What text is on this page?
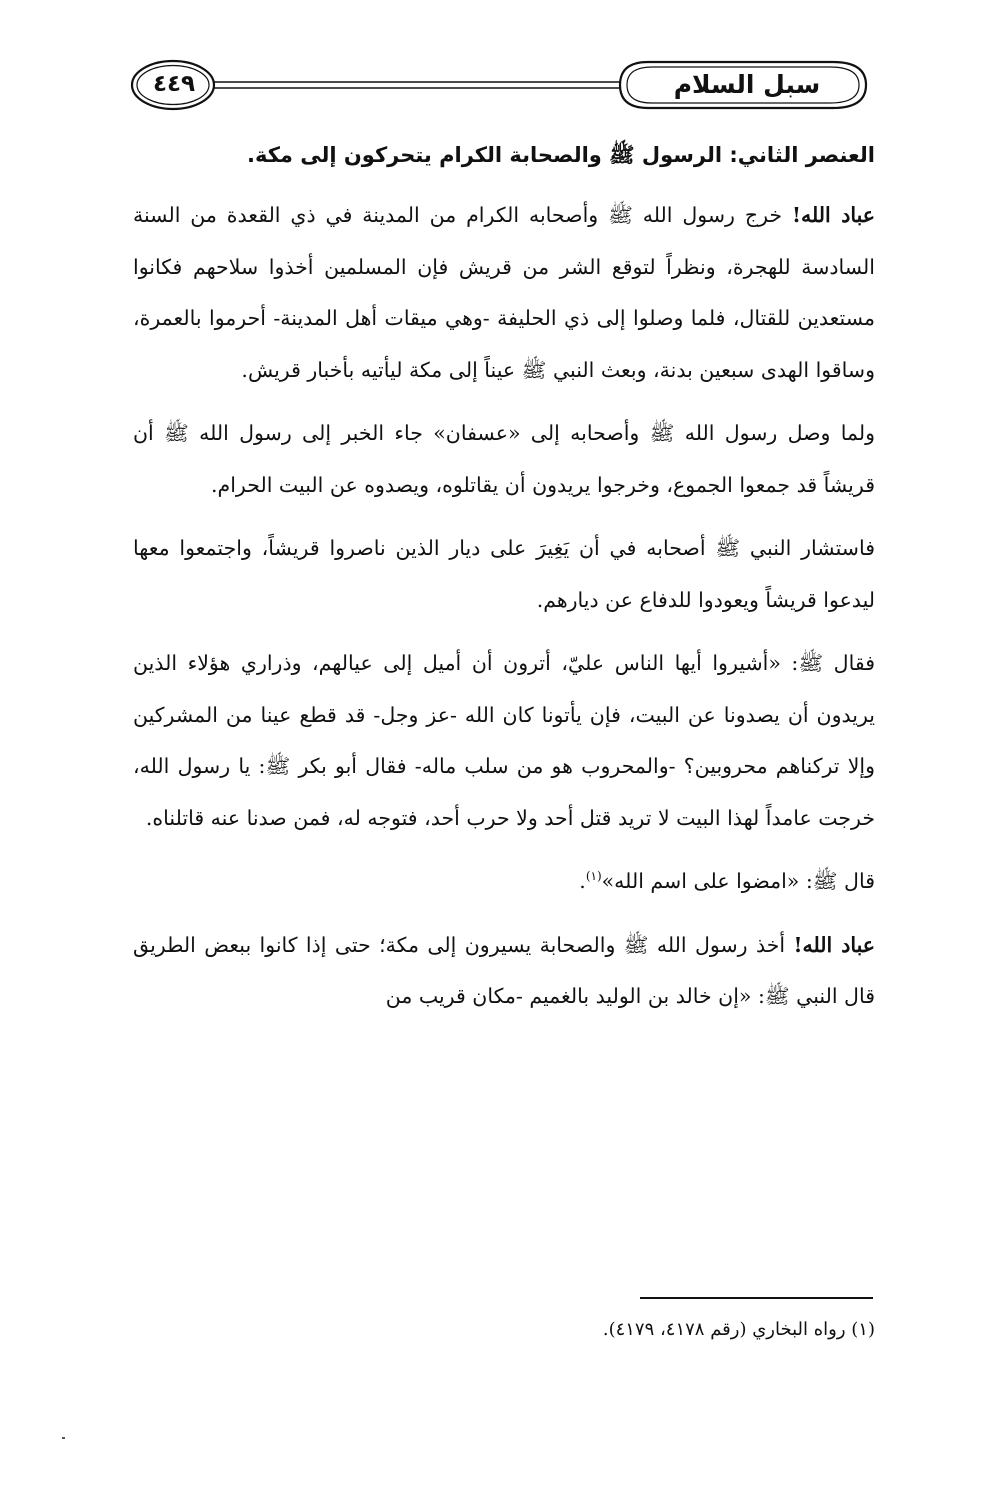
سبل السلام
٤٤٩
العنصر الثاني: الرسول ﷺ والصحابة الكرام يتحركون إلى مكة.

عباد الله! خرج رسول الله ﷺ وأصحابه الكرام من المدينة في ذي القعدة من السنة السادسة للهجرة، ونظراً لتوقع الشر من قريش فإن المسلمين أخذوا سلاحهم فكانوا مستعدين للقتال، فلما وصلوا إلى ذي الحليفة -وهي ميقات أهل المدينة- أحرموا بالعمرة، وساقوا الهدى سبعين بدنة، وبعث النبي ﷺ عيناً إلى مكة ليأتيه بأخبار قريش.

ولما وصل رسول الله ﷺ وأصحابه إلى «عسفان» جاء الخبر إلى رسول الله ﷺ أن قريشاً قد جمعوا الجموع، وخرجوا يريدون أن يقاتلوه، ويصدوه عن البيت الحرام.

فاستشار النبي ﷺ أصحابه في أن يَغِيرَ على ديار الذين ناصروا قريشاً، واجتمعوا معها ليدعوا قريشاً ويعودوا للدفاع عن ديارهم.

فقال ﷺ: «أشيروا أيها الناس عليّ، أترون أن أميل إلى عيالهم، وذراري هؤلاء الذين يريدون أن يصدونا عن البيت، فإن يأتونا كان الله -عز وجل- قد قطع عينا من المشركين وإلا تركناهم محروبين؟ -والمحروب هو من سلب ماله- فقال أبو بكر ﷺ: يا رسول الله، خرجت عامداً لهذا البيت لا تريد قتل أحد ولا حرب أحد، فتوجه له، فمن صدنا عنه قاتلناه.

قال ﷺ: «امضوا على اسم الله»$^{(١)}$.

عباد الله! أخذ رسول الله ﷺ والصحابة يسيرون إلى مكة؛ حتى إذا كانوا ببعض الطريق قال النبي ﷺ: «إن خالد بن الوليد بالغميم -مكان قريب من

(١) رواه البخاري (رقم ٤١٧٨، ٤١٧٩).
